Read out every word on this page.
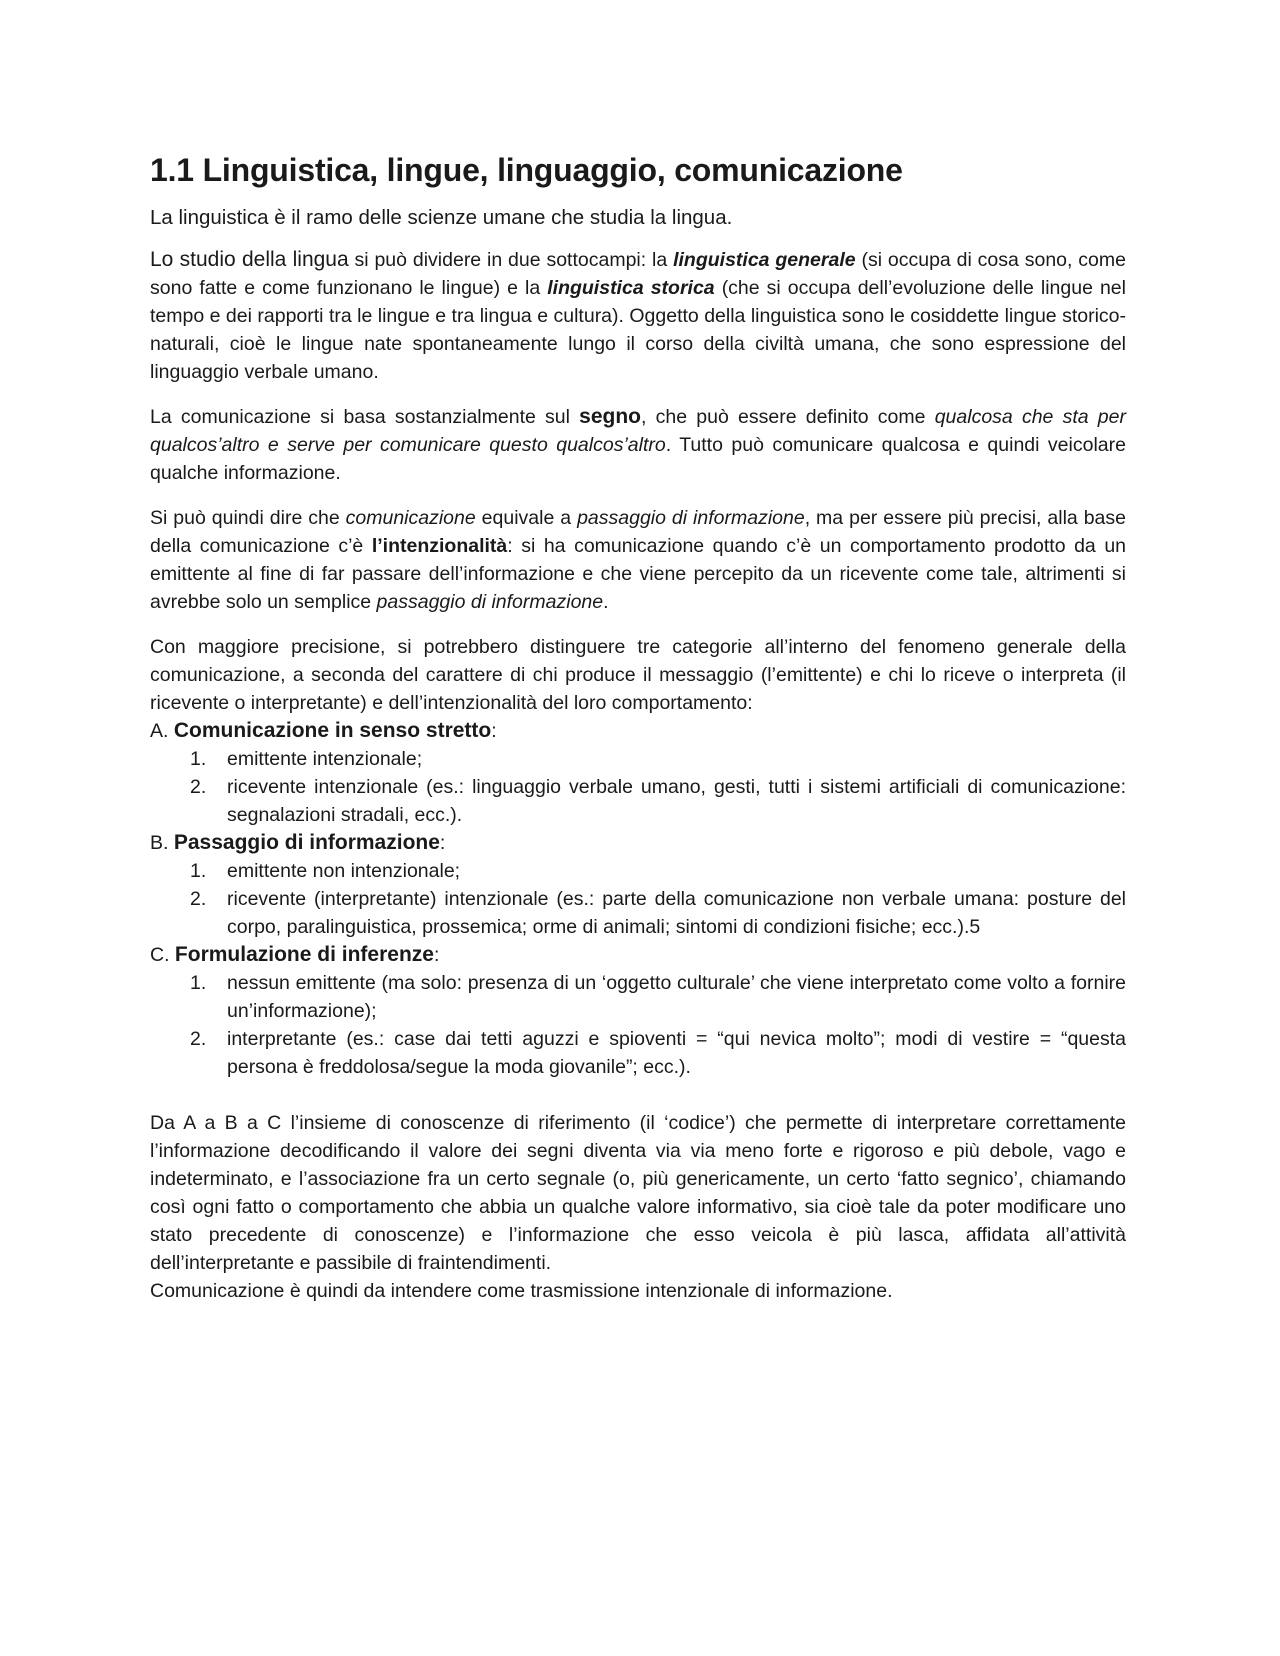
1.1 Linguistica, lingue, linguaggio, comunicazione

La linguistica è il ramo delle scienze umane che studia la lingua.

Lo studio della lingua si può dividere in due sottocampi: la linguistica generale (si occupa di cosa sono, come sono fatte e come funzionano le lingue) e la linguistica storica (che si occupa dell’evoluzione delle lingue nel tempo e dei rapporti tra le lingue e tra lingua e cultura). Oggetto della linguistica sono le cosiddette lingue storico-naturali, cioè le lingue nate spontaneamente lungo il corso della civiltà umana, che sono espressione del linguaggio verbale umano.

La comunicazione si basa sostanzialmente sul segno, che può essere definito come qualcosa che sta per qualcos’altro e serve per comunicare questo qualcos’altro. Tutto può comunicare qualcosa e quindi veicolare qualche informazione.

Si può quindi dire che comunicazione equivale a passaggio di informazione, ma per essere più precisi, alla base della comunicazione c’è l’intenzionalità: si ha comunicazione quando c’è un comportamento prodotto da un emittente al fine di far passare dell’informazione e che viene percepito da un ricevente come tale, altrimenti si avrebbe solo un semplice passaggio di informazione.

Con maggiore precisione, si potrebbero distinguere tre categorie all’interno del fenomeno generale della comunicazione, a seconda del carattere di chi produce il messaggio (l’emittente) e chi lo riceve o interpreta (il ricevente o interpretante) e dell’intenzionalità del loro comportamento:

A. Comunicazione in senso stretto:
1. emittente intenzionale;
2. ricevente intenzionale (es.: linguaggio verbale umano, gesti, tutti i sistemi artificiali di comunicazione: segnalazioni stradali, ecc.).
B. Passaggio di informazione:
1. emittente non intenzionale;
2. ricevente (interpretante) intenzionale (es.: parte della comunicazione non verbale umana: posture del corpo, paralinguistica, prossemica; orme di animali; sintomi di condizioni fisiche; ecc.).5
C. Formulazione di inferenze:
1. nessun emittente (ma solo: presenza di un ‘oggetto culturale’ che viene interpretato come volto a fornire un’informazione);
2. interpretante (es.: case dai tetti aguzzi e spioventi = “qui nevica molto”; modi di vestire = “questa persona è freddolosa/segue la moda giovanile”; ecc.).

Da A a B a C l’insieme di conoscenze di riferimento (il ‘codice’) che permette di interpretare correttamente l’informazione decodificando il valore dei segni diventa via via meno forte e rigoroso e più debole, vago e indeterminato, e l’associazione fra un certo segnale (o, più genericamente, un certo ‘fatto segnico’, chiamando così ogni fatto o comportamento che abbia un qualche valore informativo, sia cioè tale da poter modificare uno stato precedente di conoscenze) e l’informazione che esso veicola è più lasca, affidata all’attività dell’interpretante e passibile di fraintendimenti.

Comunicazione è quindi da intendere come trasmissione intenzionale di informazione.
